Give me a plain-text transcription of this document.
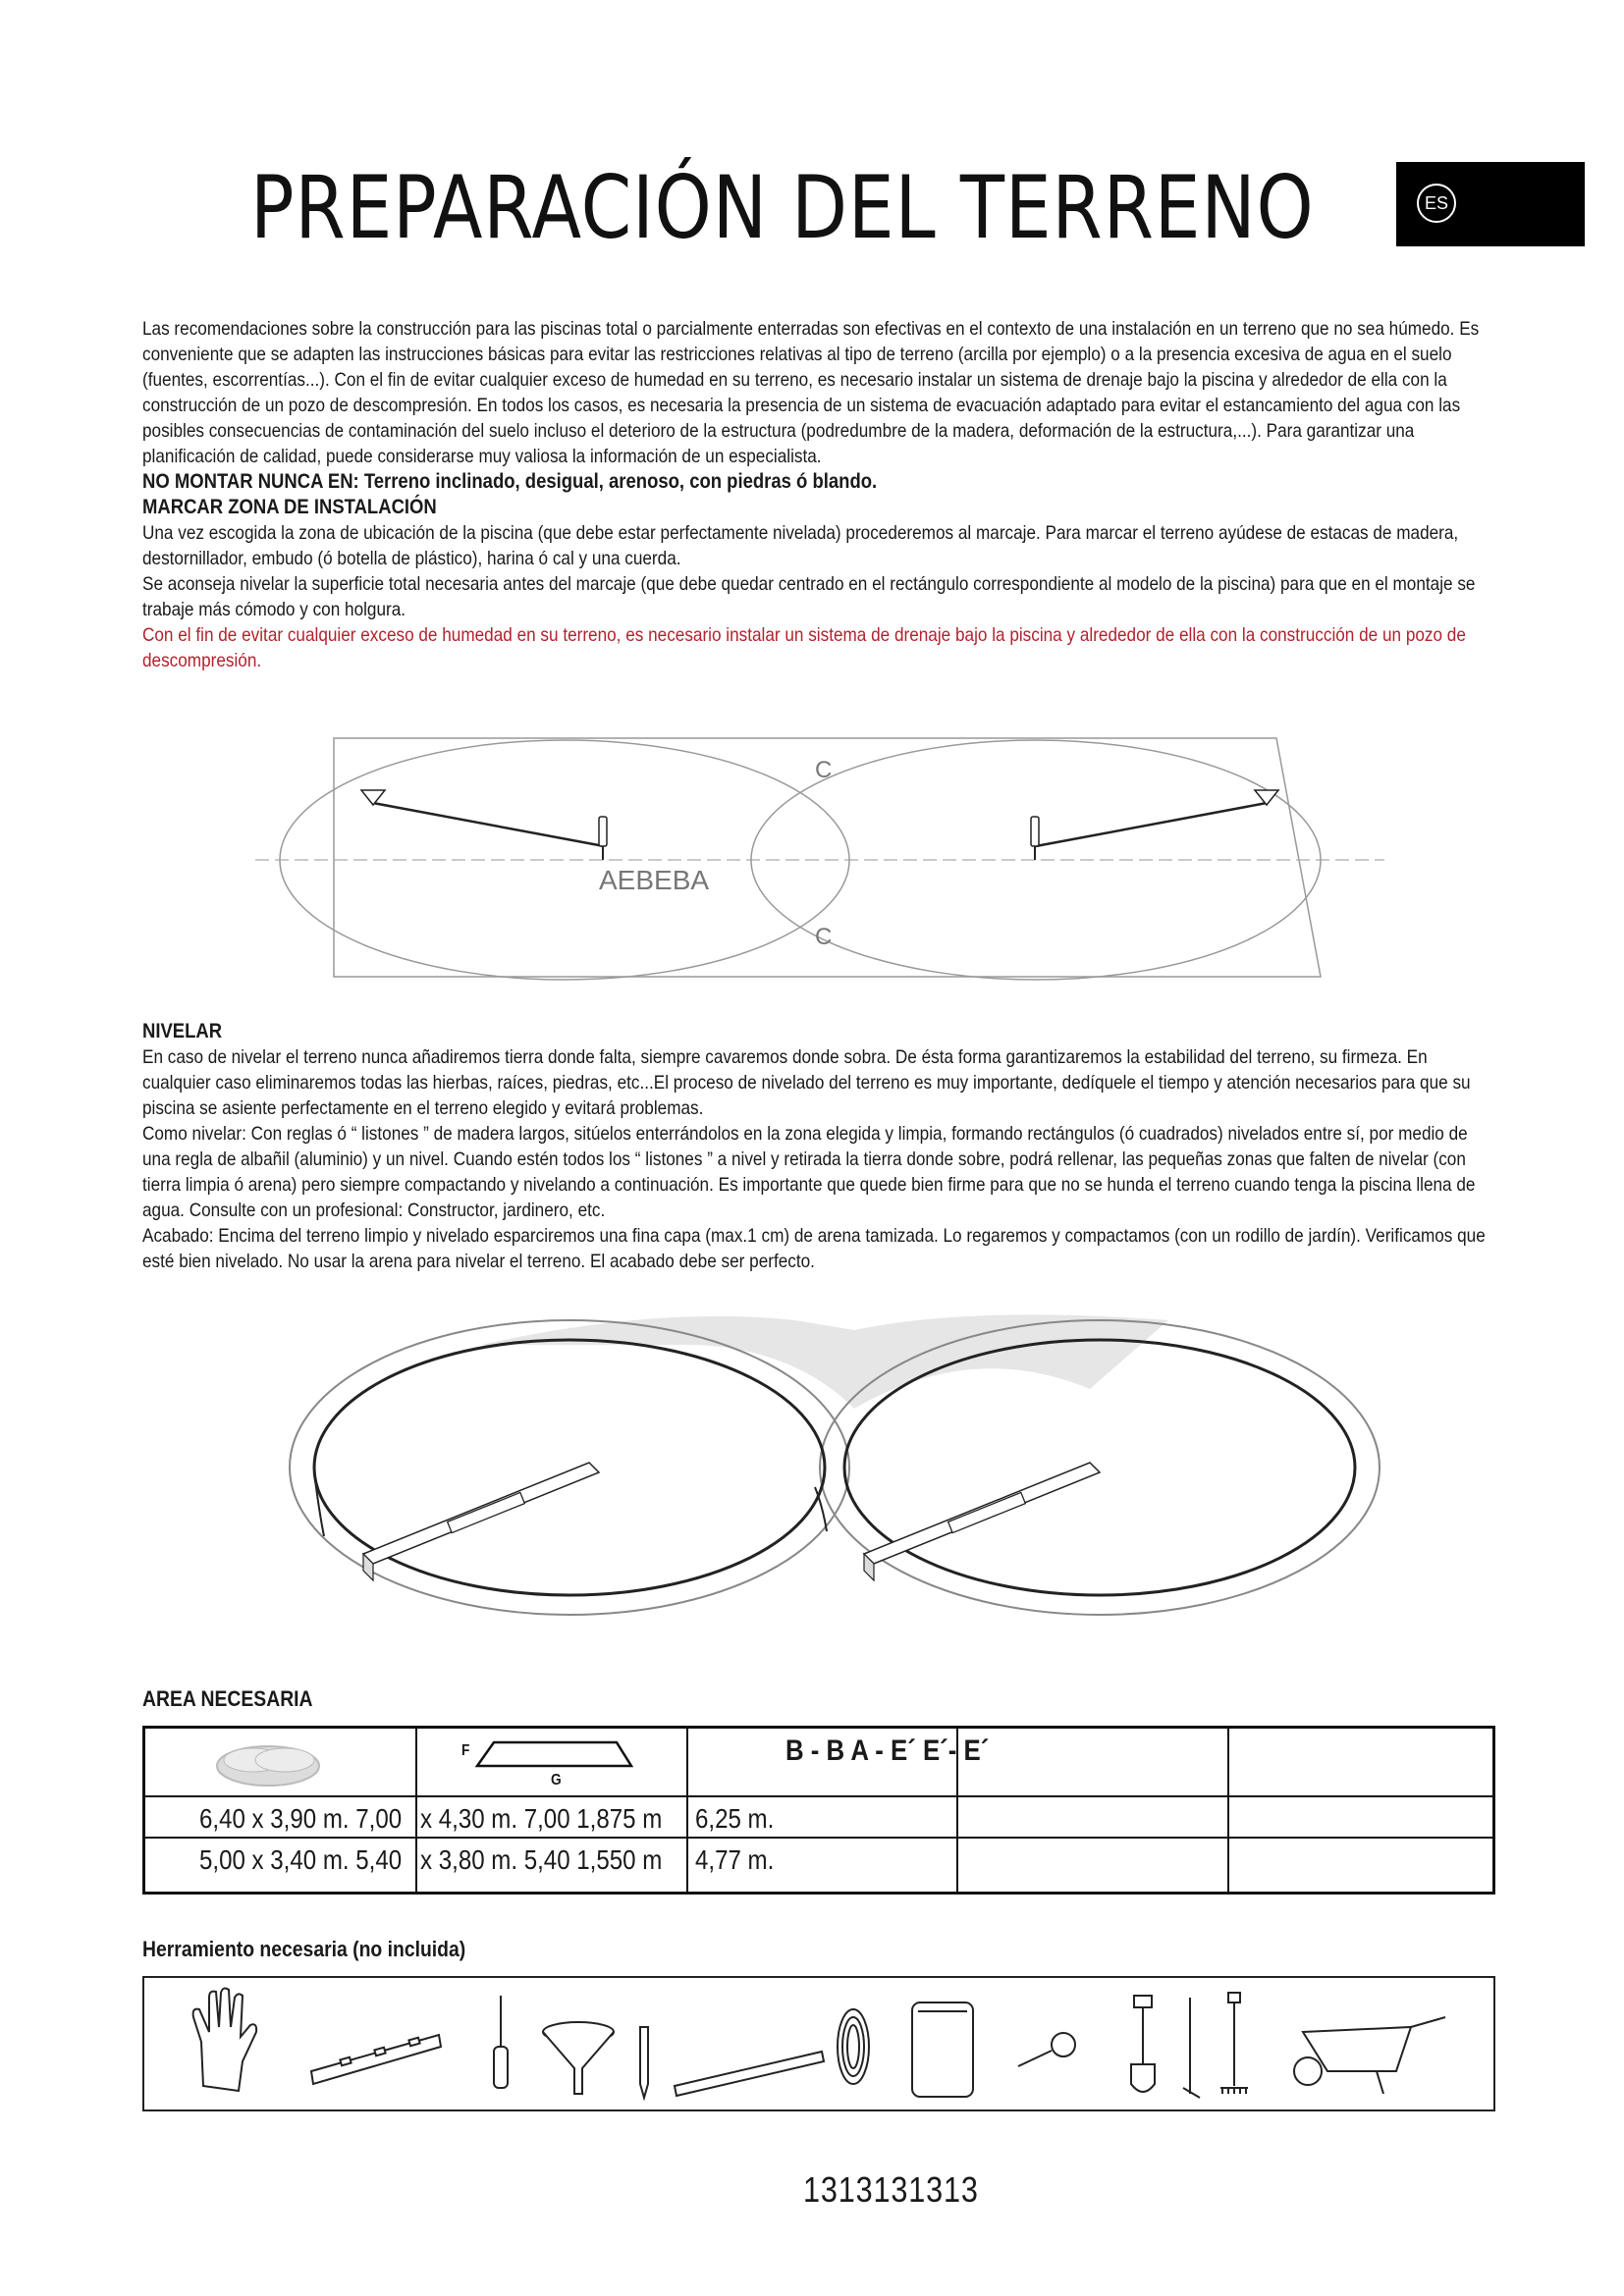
PREPARACIÓN DEL TERRENO	ES

Las recomendaciones sobre la construcción para las piscinas total o parcialmente enterradas son efectivas en el contexto de una instalación en un terreno que no sea húmedo. Es conveniente que se adapten las instrucciones básicas para evitar las restricciones relativas al tipo de terreno (arcilla por ejemplo) o a la presencia excesiva de agua en el suelo (fuentes, escorrentías...). Con el fin de evitar cualquier exceso de humedad en su terreno, es necesario instalar un sistema de drenaje bajo la piscina y alrededor de ella con la construcción de un pozo de descompresión. En todos los casos, es necesaria la presencia de un sistema de evacuación adaptado para evitar el estancamiento del agua con las posibles consecuencias de contaminación del suelo incluso el deterioro de la estructura (podredumbre de la madera, deformación de la estructura,...). Para garantizar una planificación de calidad, puede considerarse muy valiosa la información de un especialista.

NO MONTAR NUNCA EN: Terreno inclinado, desigual, arenoso, con piedras ó blando.

MARCAR ZONA DE INSTALACIÓN

Una vez escogida la zona de ubicación de la piscina (que debe estar perfectamente nivelada) procederemos al marcaje. Para marcar el terreno ayúdese de estacas de madera, destornillador, embudo (ó botella de plástico), harina ó cal y una cuerda.

Se aconseja nivelar la superficie total necesaria antes del marcaje (que debe quedar centrado en el rectángulo correspondiente al modelo de la piscina) para que en el montaje se trabaje más cómodo y con holgura.

Con el fin de evitar cualquier exceso de humedad en su terreno, es necesario instalar un sistema de drenaje bajo la piscina y alrededor de ella con la construcción de un pozo de descompresión.

C
C
AEBEBA

NIVELAR

En caso de nivelar el terreno nunca añadiremos tierra donde falta, siempre cavaremos donde sobra. De ésta forma garantizaremos la estabilidad del terreno, su firmeza. En cualquier caso eliminaremos todas las hierbas, raíces, piedras, etc...El proceso de nivelado del terreno es muy importante, dedíquele el tiempo y atención necesarios para que su piscina se asiente perfectamente en el terreno elegido y evitará problemas.

Como nivelar: Con reglas ó “ listones ” de madera largos, sitúelos enterrándolos en la zona elegida y limpia, formando rectángulos (ó cuadrados) nivelados entre sí, por medio de una regla de albañil (aluminio) y un nivel. Cuando estén todos los “ listones ” a nivel y retirada la tierra donde sobre, podrá rellenar, las pequeñas zonas que falten de nivelar (con tierra limpia ó arena) pero siempre compactando y nivelando a continuación. Es importante que quede bien firme para que no se hunda el terreno cuando tenga la piscina llena de agua. Consulte con un profesional: Constructor, jardinero, etc.

Acabado: Encima del terreno limpio y nivelado esparciremos una fina capa (max.1 cm) de arena tamizada. Lo regaremos y compactamos (con un rodillo de jardín). Verificamos que esté bien nivelado. No usar la arena para nivelar el terreno. El acabado debe ser perfecto.

AREA NECESARIA
F
G
B - B A - E´ E´- E´
6,40 x 3,90 m. 7,00 x 4,30 m. 7,00 1,875 m 6,25 m.
5,00 x 3,40 m. 5,40 x 3,80 m. 5,40 1,550 m 4,77 m.
Herramiento necesaria (no incluida)
1313131313
